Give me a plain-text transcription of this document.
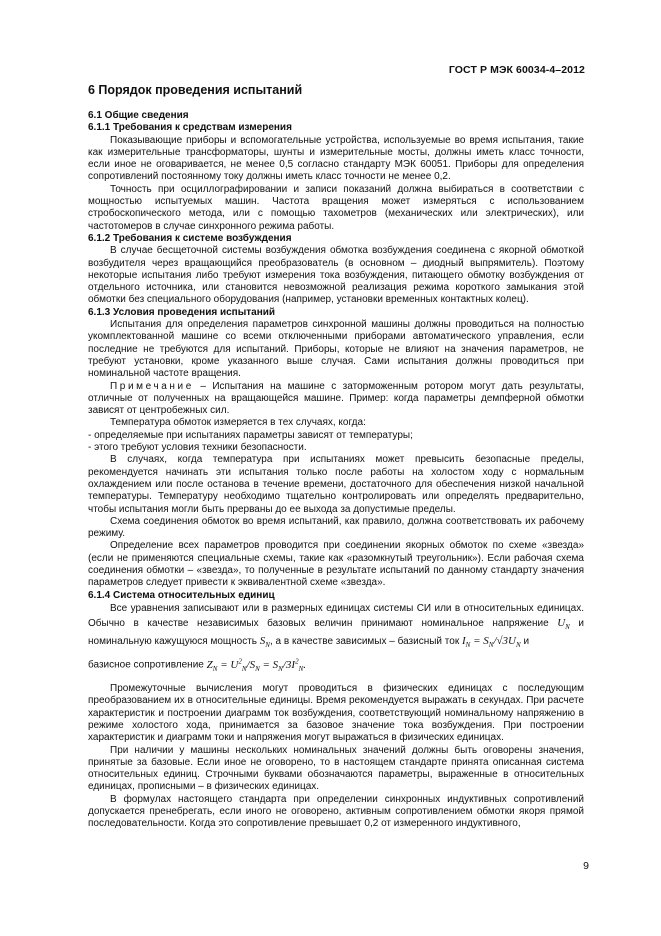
ГОСТ Р МЭК 60034-4–2012
6 Порядок проведения испытаний

6.1 Общие сведения

6.1.1 Требования к средствам измерения

Показывающие приборы и вспомогательные устройства, используемые во время испытания, такие как измерительные трансформаторы, шунты и измерительные мосты, должны иметь класс точности, если иное не оговаривается, не менее 0,5 согласно стандарту МЭК 60051. Приборы для определения сопротивлений постоянному току должны иметь класс точности не менее 0,2.

Точность при осциллографировании и записи показаний должна выбираться в соответствии с мощностью испытуемых машин. Частота вращения может измеряться с использованием стробоскопического метода, или с помощью тахометров (механических или электрических), или частотомеров в случае синхронного режима работы.

6.1.2 Требования к системе возбуждения

В случае бесщеточной системы возбуждения обмотка возбуждения соединена с якорной обмоткой возбудителя через вращающийся преобразователь (в основном – диодный выпрямитель). Поэтому некоторые испытания либо требуют измерения тока возбуждения, питающего обмотку возбуждения от отдельного источника, или становится невозможной реализация режима короткого замыкания этой обмотки без специального оборудования (например, установки временных контактных колец).

6.1.3 Условия проведения испытаний

Испытания для определения параметров синхронной машины должны проводиться на полностью укомплектованной машине со всеми отключенными приборами автоматического управления, если последние не требуются для испытаний. Приборы, которые не влияют на значения параметров, не требуют установки, кроме указанного выше случая. Сами испытания должны проводиться при номинальной частоте вращения.

Примечание – Испытания на машине с заторможенным ротором могут дать результаты, отличные от полученных на вращающейся машине. Пример: когда параметры демпферной обмотки зависят от центробежных сил.

Температура обмоток измеряется в тех случаях, когда:

- определяемые при испытаниях параметры зависят от температуры;

- этого требуют условия техники безопасности.

В случаях, когда температура при испытаниях может превысить безопасные пределы, рекомендуется начинать эти испытания только после работы на холостом ходу с нормальным охлаждением или после останова в течение времени, достаточного для обеспечения низкой начальной температуры. Температуру необходимо тщательно контролировать или определять предварительно, чтобы испытания могли быть прерваны до ее выхода за допустимые пределы.

Схема соединения обмоток во время испытаний, как правило, должна соответствовать их рабочему режиму.

Определение всех параметров проводится при соединении якорных обмоток по схеме «звезда» (если не применяются специальные схемы, такие как «разомкнутый треугольник»). Если рабочая схема соединения обмотки – «звезда», то полученные в результате испытаний по данному стандарту значения параметров следует привести к эквивалентной схеме «звезда».

6.1.4 Система относительных единиц

Все уравнения записывают или в размерных единицах системы СИ или в относительных единицах. Обычно в качестве независимых базовых величин принимают номинальное напряжение $U_N$ и номинальную кажущуюся мощность $S_N$, а в качестве зависимых – базисный ток $I_N = S_N/√3U_N$ и

базисное сопротивление $Z_N = U^2_N/S_N = S_N/3I^2_N$.

Промежуточные вычисления могут проводиться в физических единицах с последующим преобразованием их в относительные единицы. Время рекомендуется выражать в секундах. При расчете характеристик и построении диаграмм ток возбуждения, соответствующий номинальному напряжению в режиме холостого хода, принимается за базовое значение тока возбуждения. При построении характеристик и диаграмм токи и напряжения могут выражаться в физических единицах.

При наличии у машины нескольких номинальных значений должны быть оговорены значения, принятые за базовые. Если иное не оговорено, то в настоящем стандарте принята описанная система относительных единиц. Строчными буквами обозначаются параметры, выраженные в относительных единицах, прописными – в физических единицах.

В формулах настоящего стандарта при определении синхронных индуктивных сопротивлений допускается пренебрегать, если иного не оговорено, активным сопротивлением обмотки якоря прямой последовательности. Когда это сопротивление превышает 0,2 от измеренного индуктивного,

9
